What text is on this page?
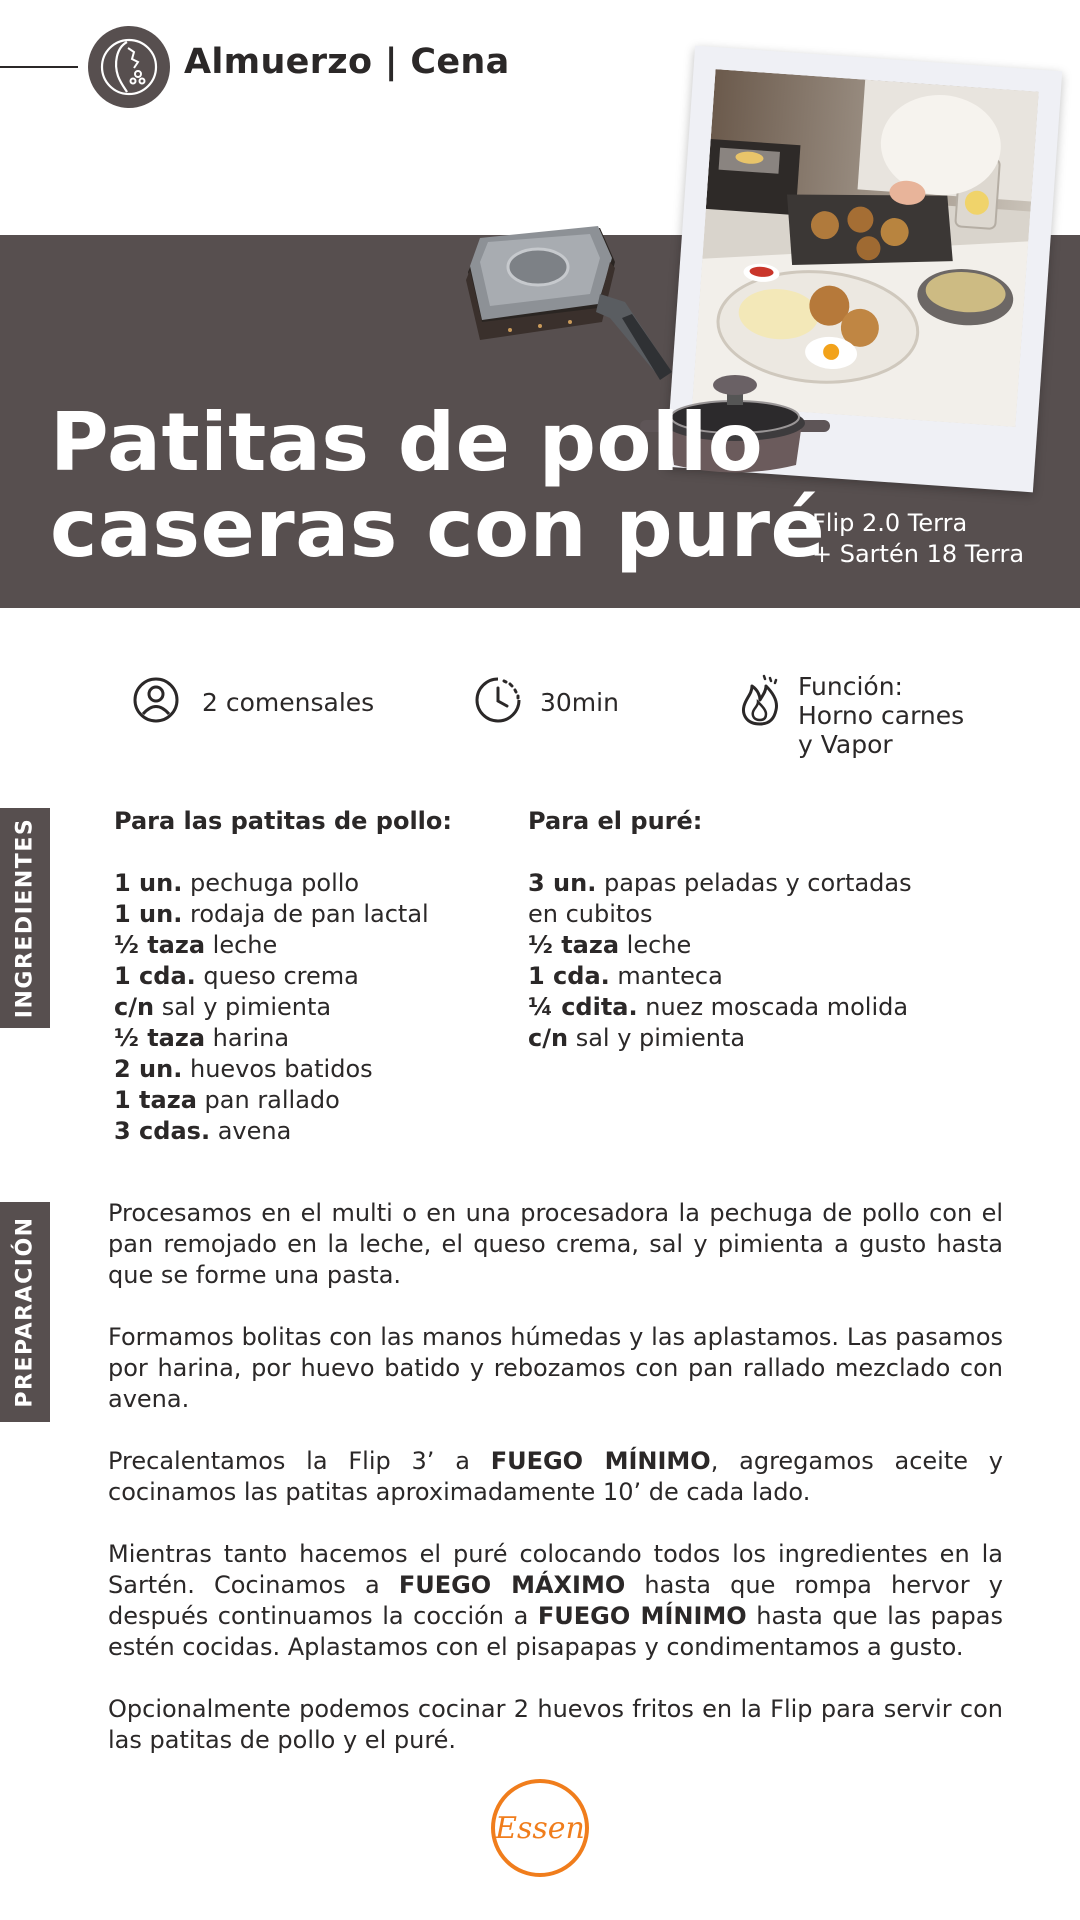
Almuerzo | Cena
Patitas de pollo
caseras con puré
Flip 2.0 Terra
+ Sartén 18 Terra
2 comensales	30min
Función:
Horno carnes
y Vapor
INGREDIENTES
PREPARACIÓN
Para las patitas de pollo:
1 un. pechuga pollo
1 un. rodaja de pan lactal
½ taza leche
1 cda. queso crema
c/n sal y pimienta
½ taza harina
2 un. huevos batidos
1 taza pan rallado
3 cdas. avena
Para el puré:
3 un. papas peladas y cortadas
en cubitos
½ taza leche
1 cda. manteca
¼ cdita. nuez moscada molida
c/n sal y pimienta

Procesamos en el multi o en una procesadora la pechuga de pollo con el pan remojado en la leche, el queso crema, sal y pimienta a gusto hasta que se forme una pasta.

Formamos bolitas con las manos húmedas y las aplastamos. Las pasamos por harina, por huevo batido y rebozamos con pan rallado mezclado con avena.

Precalentamos la Flip 3’ a FUEGO MÍNIMO, agregamos aceite y cocinamos las patitas aproximadamente 10’ de cada lado.

Mientras tanto hacemos el puré colocando todos los ingredientes en la Sartén. Cocinamos a FUEGO MÁXIMO hasta que rompa hervor y después continuamos la cocción a FUEGO MÍNIMO hasta que las papas estén cocidas. Aplastamos con el pisapapas y condimentamos a gusto.

Opcionalmente podemos cocinar 2 huevos fritos en la Flip para servir con las patitas de pollo y el puré.

Essen
